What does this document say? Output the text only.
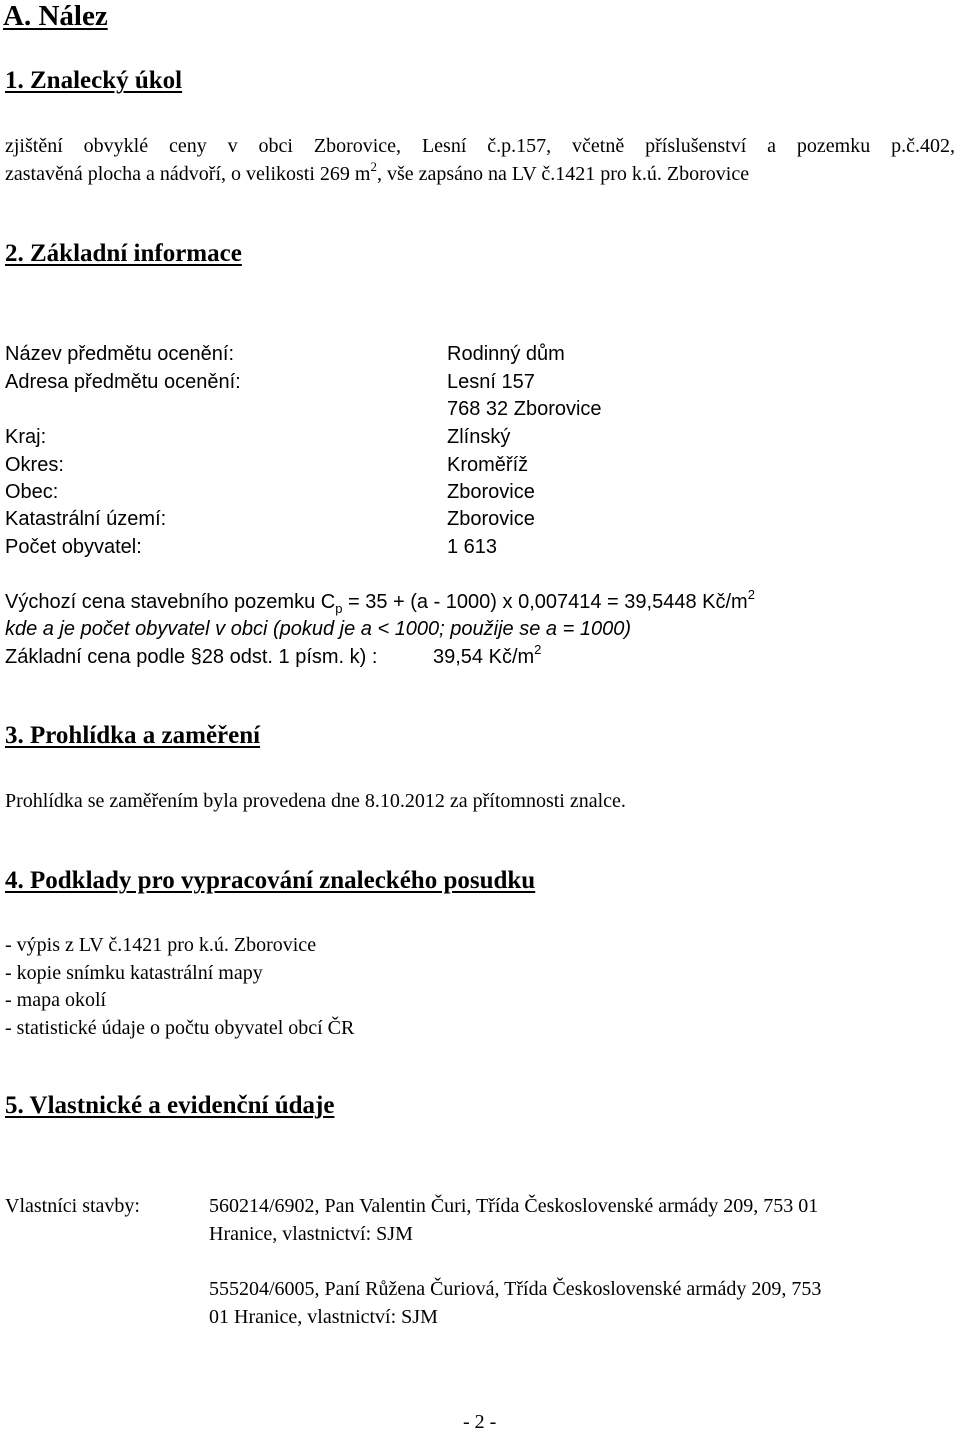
A. Nález
1. Znalecký úkol
zjištění obvyklé ceny v obci Zborovice, Lesní č.p.157, včetně příslušenství a pozemku p.č.402,
zastavěná plocha a nádvoří, o velikosti 269 $m^2$, vše zapsáno na LV č.1421 pro k.ú. Zborovice
2. Základní informace
Název předmětu ocenění:	Rodinný dům
Adresa předmětu ocenění:	Lesní 157
768 32 Zborovice
Kraj:	Zlínský
Okres:	Kroměříž
Obec:	Zborovice
Katastrální území:	Zborovice
Počet obyvatel:	1 613
Výchozí cena stavebního pozemku $C_p = 35 + (a - 1000)$ x 0,007414 = 39,5448 $Kč/m^2$
kde a je počet obyvatel v obci (pokud je a < 1000; použije se a = 1000)
Základní cena podle §28 odst. 1 písm. k) :	39,54 $Kč/m^2$
3. Prohlídka a zaměření
Prohlídka se zaměřením byla provedena dne 8.10.2012 za přítomnosti znalce.
4. Podklady pro vypracování znaleckého posudku
- výpis z LV č.1421 pro k.ú. Zborovice
- kopie snímku katastrální mapy
- mapa okolí
- statistické údaje o počtu obyvatel obcí ČR
5. Vlastnické a evidenční údaje
Vlastníci stavby:	560214/6902, Pan Valentin Čuri, Třída Československé armády 209, 753 01
Hranice, vlastnictví: SJM
555204/6005, Paní Růžena Čuriová, Třída Československé armády 209, 753
01 Hranice, vlastnictví: SJM
- 2 -
